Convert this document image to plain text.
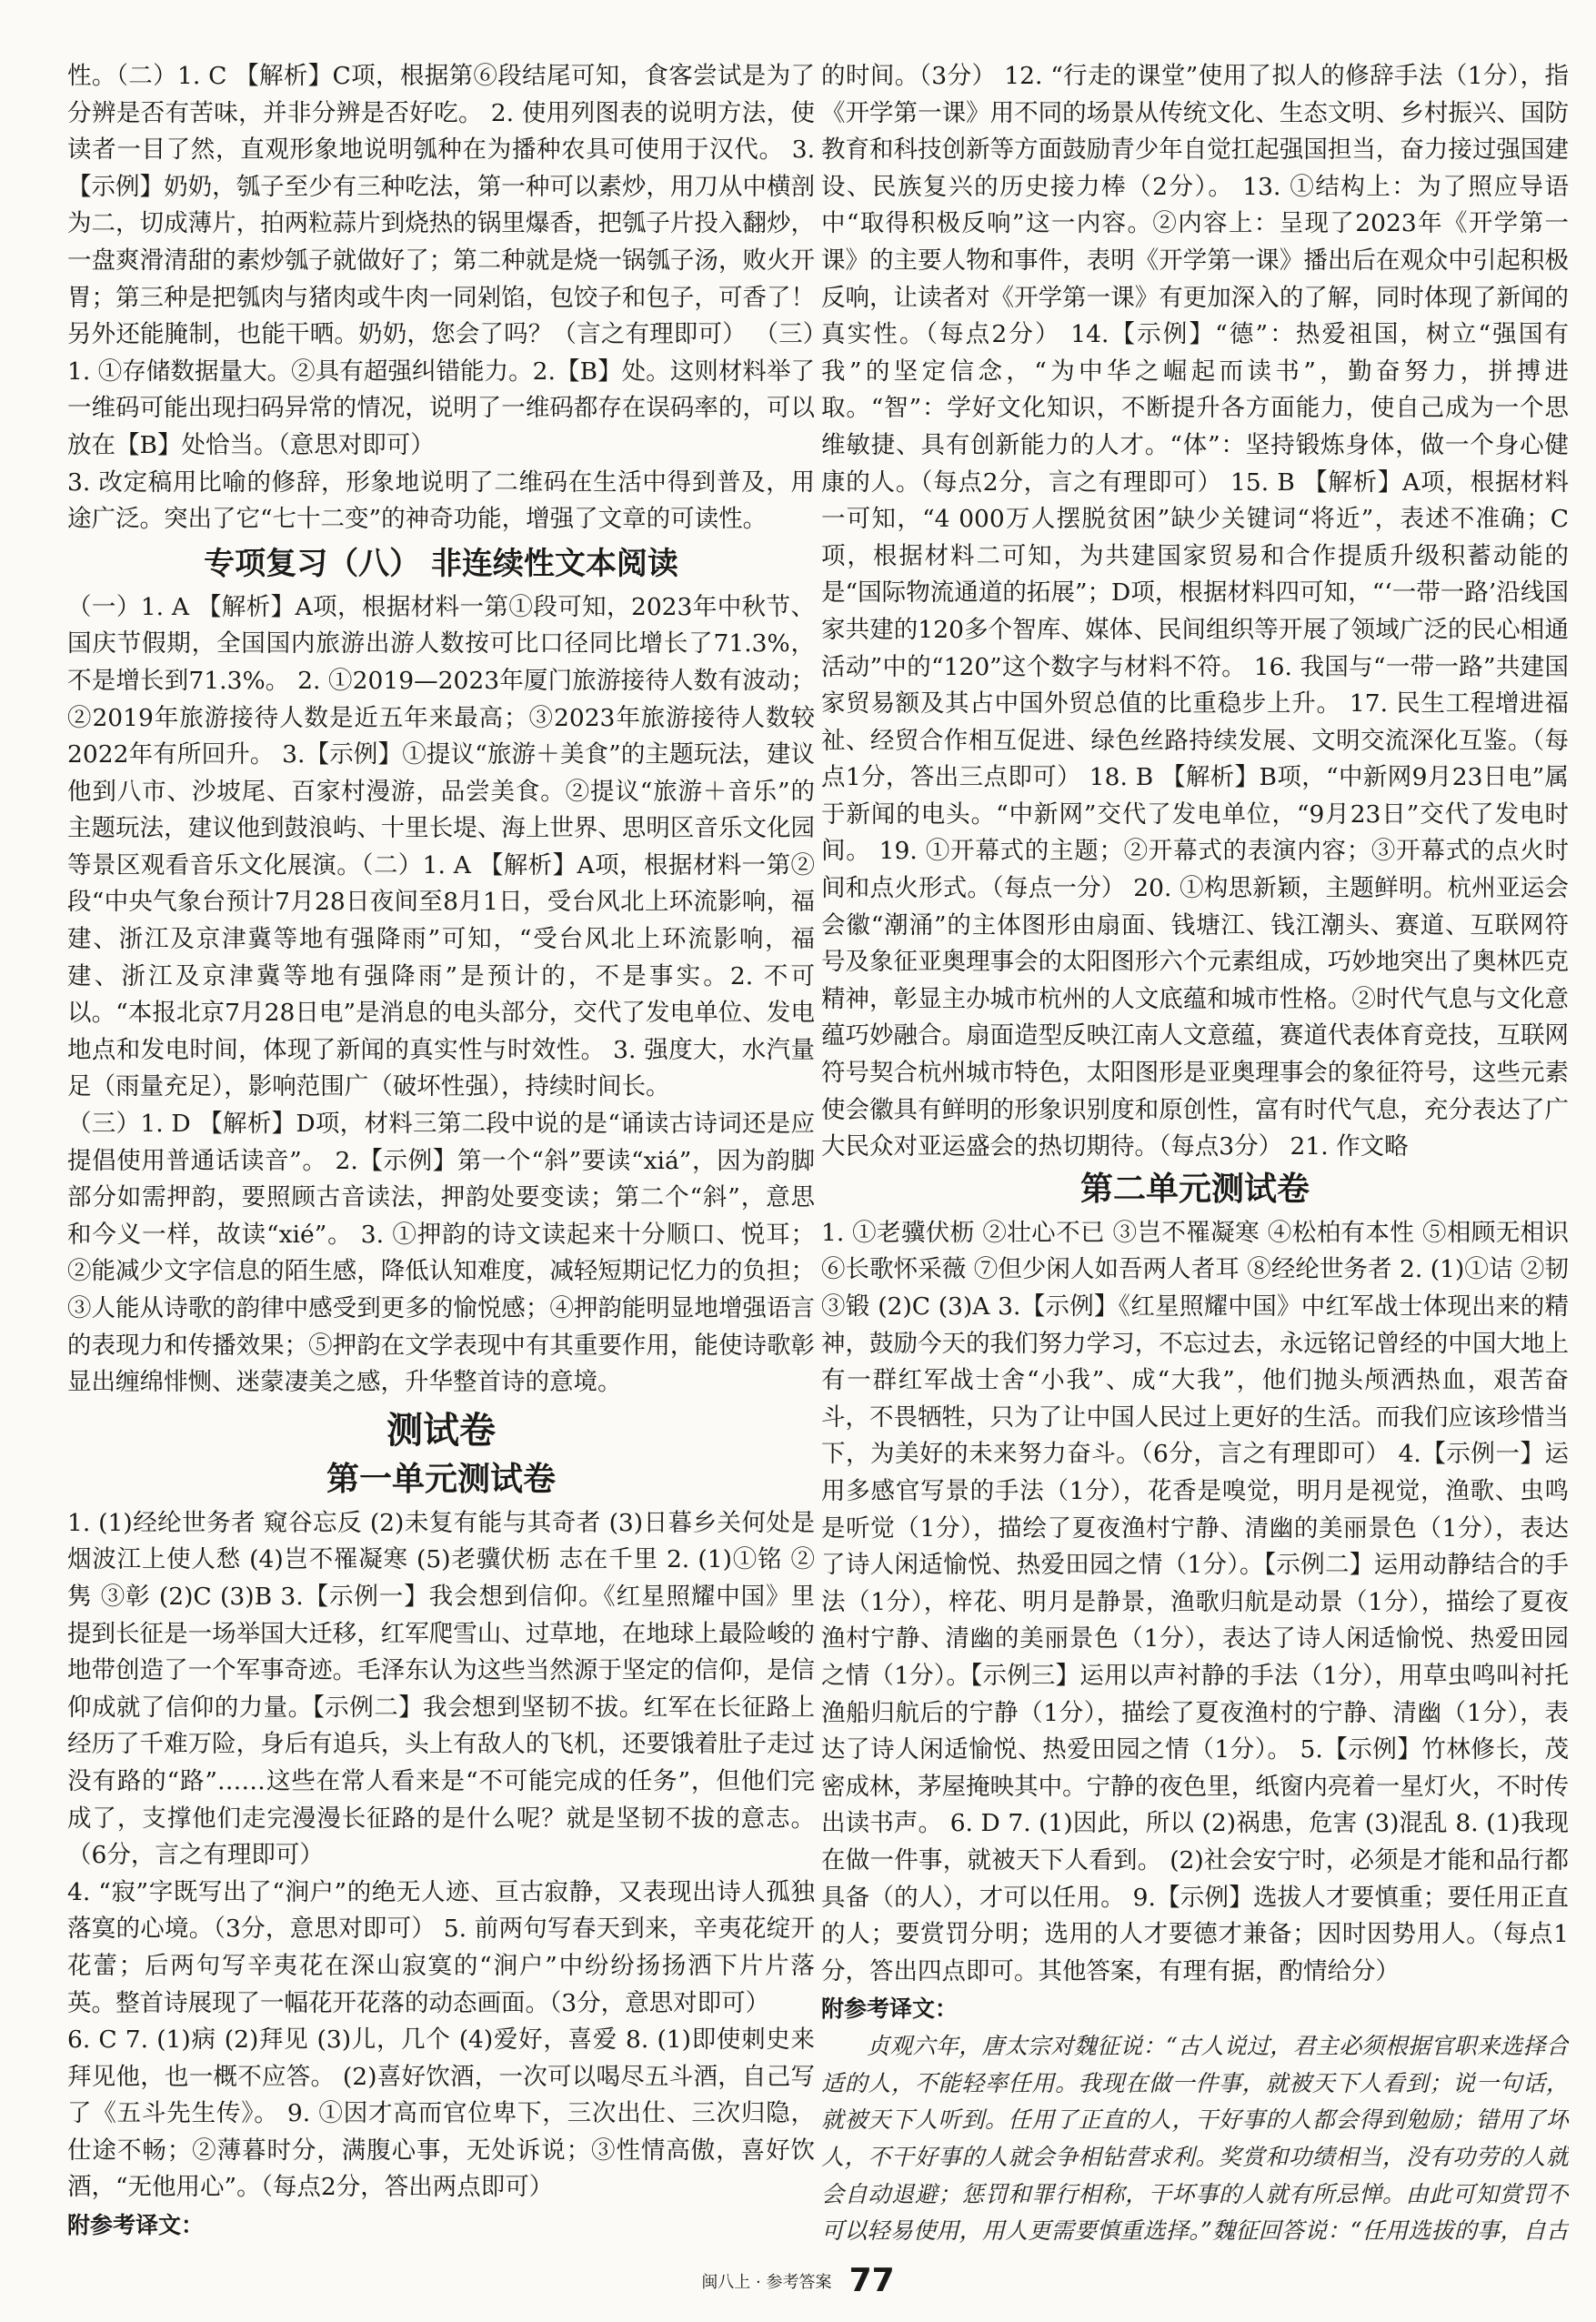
性。（二）1. C 【解析】C项，根据第⑥段结尾可知，食客尝试是为了分辨是否有苦味，并非分辨是否好吃。 2. 使用列图表的说明方法，使读者一目了然，直观形象地说明瓠种在为播种农具可使用于汉代。 3.【示例】奶奶，瓠子至少有三种吃法，第一种可以素炒，用刀从中横剖为二，切成薄片，拍两粒蒜片到烧热的锅里爆香，把瓠子片投入翻炒，一盘爽滑清甜的素炒瓠子就做好了；第二种就是烧一锅瓠子汤，败火开胃；第三种是把瓠肉与猪肉或牛肉一同剁馅，包饺子和包子，可香了！另外还能腌制，也能干晒。奶奶，您会了吗？（言之有理即可） （三）1. ①存储数据量大。②具有超强纠错能力。2.【B】处。这则材料举了一维码可能出现扫码异常的情况，说明了一维码都存在误码率的，可以放在【B】处恰当。（意思对即可）

3. 改定稿用比喻的修辞，形象地说明了二维码在生活中得到普及，用途广泛。突出了它“七十二变”的神奇功能，增强了文章的可读性。

专项复习（八） 非连续性文本阅读

（一）1. A 【解析】A项，根据材料一第①段可知，2023年中秋节、国庆节假期，全国国内旅游出游人数按可比口径同比增长了71.3%，不是增长到71.3%。 2. ①2019—2023年厦门旅游接待人数有波动；②2019年旅游接待人数是近五年来最高；③2023年旅游接待人数较2022年有所回升。 3.【示例】①提议“旅游＋美食”的主题玩法，建议他到八市、沙坡尾、百家村漫游，品尝美食。②提议“旅游＋音乐”的主题玩法，建议他到鼓浪屿、十里长堤、海上世界、思明区音乐文化园等景区观看音乐文化展演。（二）1. A 【解析】A项，根据材料一第②段“中央气象台预计7月28日夜间至8月1日，受台风北上环流影响，福建、浙江及京津冀等地有强降雨”可知，“受台风北上环流影响，福建、浙江及京津冀等地有强降雨”是预计的，不是事实。2. 不可以。“本报北京7月28日电”是消息的电头部分，交代了发电单位、发电地点和发电时间，体现了新闻的真实性与时效性。 3. 强度大，水汽量足（雨量充足），影响范围广（破坏性强），持续时间长。

（三）1. D 【解析】D项，材料三第二段中说的是“诵读古诗词还是应提倡使用普通话读音”。 2.【示例】第一个“斜”要读“xiá”，因为韵脚部分如需押韵，要照顾古音读法，押韵处要变读；第二个“斜”，意思和今义一样，故读“xié”。 3. ①押韵的诗文读起来十分顺口、悦耳；②能减少文字信息的陌生感，降低认知难度，减轻短期记忆力的负担；③人能从诗歌的韵律中感受到更多的愉悦感；④押韵能明显地增强语言的表现力和传播效果；⑤押韵在文学表现中有其重要作用，能使诗歌彰显出缠绵悱恻、迷蒙凄美之感，升华整首诗的意境。

测试卷
第一单元测试卷

1. (1)经纶世务者 窥谷忘反 (2)未复有能与其奇者 (3)日暮乡关何处是 烟波江上使人愁 (4)岂不罹凝寒 (5)老骥伏枥 志在千里 2. (1)①铭 ②隽 ③彰 (2)C (3)B 3.【示例一】我会想到信仰。《红星照耀中国》里提到长征是一场举国大迁移，红军爬雪山、过草地，在地球上最险峻的地带创造了一个军事奇迹。毛泽东认为这些当然源于坚定的信仰，是信仰成就了信仰的力量。【示例二】我会想到坚韧不拔。红军在长征路上经历了千难万险，身后有追兵，头上有敌人的飞机，还要饿着肚子走过没有路的“路”……这些在常人看来是“不可能完成的任务”，但他们完成了，支撑他们走完漫漫长征路的是什么呢？就是坚韧不拔的意志。（6分，言之有理即可）

4. “寂”字既写出了“涧户”的绝无人迹、亘古寂静，又表现出诗人孤独落寞的心境。（3分，意思对即可） 5. 前两句写春天到来，辛夷花绽开花蕾；后两句写辛夷花在深山寂寞的“涧户”中纷纷扬扬洒下片片落英。整首诗展现了一幅花开花落的动态画面。（3分，意思对即可）

6. C 7. (1)病 (2)拜见 (3)儿，几个 (4)爱好，喜爱 8. (1)即使刺史来拜见他，也一概不应答。 (2)喜好饮酒，一次可以喝尽五斗酒，自己写了《五斗先生传》。 9. ①因才高而官位卑下，三次出仕、三次归隐，仕途不畅；②薄暮时分，满腹心事，无处诉说；③性情高傲，喜好饮酒，“无他用心”。（每点2分，答出两点即可）

附参考译文：

的时间。（3分） 12. “行走的课堂”使用了拟人的修辞手法（1分），指《开学第一课》用不同的场景从传统文化、生态文明、乡村振兴、国防教育和科技创新等方面鼓励青少年自觉扛起强国担当，奋力接过强国建设、民族复兴的历史接力棒（2分）。 13. ①结构上：为了照应导语中“取得积极反响”这一内容。②内容上：呈现了2023年《开学第一课》的主要人物和事件，表明《开学第一课》播出后在观众中引起积极反响，让读者对《开学第一课》有更加深入的了解，同时体现了新闻的真实性。（每点2分） 14.【示例】“德”：热爱祖国，树立“强国有我”的坚定信念，“为中华之崛起而读书”，勤奋努力，拼搏进取。“智”：学好文化知识，不断提升各方面能力，使自己成为一个思维敏捷、具有创新能力的人才。“体”：坚持锻炼身体，做一个身心健康的人。（每点2分，言之有理即可） 15. B 【解析】A项，根据材料一可知，“4 000万人摆脱贫困”缺少关键词“将近”，表述不准确；C项，根据材料二可知，为共建国家贸易和合作提质升级积蓄动能的是“国际物流通道的拓展”；D项，根据材料四可知，“‘一带一路’沿线国家共建的120多个智库、媒体、民间组织等开展了领域广泛的民心相通活动”中的“120”这个数字与材料不符。 16. 我国与“一带一路”共建国家贸易额及其占中国外贸总值的比重稳步上升。 17. 民生工程增进福祉、经贸合作相互促进、绿色丝路持续发展、文明交流深化互鉴。（每点1分，答出三点即可） 18. B 【解析】B项，“中新网9月23日电”属于新闻的电头。“中新网”交代了发电单位，“9月23日”交代了发电时间。 19. ①开幕式的主题；②开幕式的表演内容；③开幕式的点火时间和点火形式。（每点一分） 20. ①构思新颖，主题鲜明。杭州亚运会会徽“潮涌”的主体图形由扇面、钱塘江、钱江潮头、赛道、互联网符号及象征亚奥理事会的太阳图形六个元素组成，巧妙地突出了奥林匹克精神，彰显主办城市杭州的人文底蕴和城市性格。②时代气息与文化意蕴巧妙融合。扇面造型反映江南人文意蕴，赛道代表体育竞技，互联网符号契合杭州城市特色，太阳图形是亚奥理事会的象征符号，这些元素使会徽具有鲜明的形象识别度和原创性，富有时代气息，充分表达了广大民众对亚运盛会的热切期待。（每点3分） 21. 作文略

第二单元测试卷

1. ①老骥伏枥 ②壮心不已 ③岂不罹凝寒 ④松柏有本性 ⑤相顾无相识 ⑥长歌怀采薇 ⑦但少闲人如吾两人者耳 ⑧经纶世务者 2. (1)①诘 ②韧 ③锻 (2)C (3)A 3.【示例】《红星照耀中国》中红军战士体现出来的精神，鼓励今天的我们努力学习，不忘过去，永远铭记曾经的中国大地上有一群红军战士舍“小我”、成“大我”，他们抛头颅洒热血，艰苦奋斗，不畏牺牲，只为了让中国人民过上更好的生活。而我们应该珍惜当下，为美好的未来努力奋斗。（6分，言之有理即可） 4.【示例一】运用多感官写景的手法（1分），花香是嗅觉，明月是视觉，渔歌、虫鸣是听觉（1分），描绘了夏夜渔村宁静、清幽的美丽景色（1分），表达了诗人闲适愉悦、热爱田园之情（1分）。【示例二】运用动静结合的手法（1分），梓花、明月是静景，渔歌归航是动景（1分），描绘了夏夜渔村宁静、清幽的美丽景色（1分），表达了诗人闲适愉悦、热爱田园之情（1分）。【示例三】运用以声衬静的手法（1分），用草虫鸣叫衬托渔船归航后的宁静（1分），描绘了夏夜渔村的宁静、清幽（1分），表达了诗人闲适愉悦、热爱田园之情（1分）。 5.【示例】竹林修长，茂密成林，茅屋掩映其中。宁静的夜色里，纸窗内亮着一星灯火，不时传出读书声。 6. D 7. (1)因此，所以 (2)祸患，危害 (3)混乱 8. (1)我现在做一件事，就被天下人看到。 (2)社会安宁时，必须是才能和品行都具备（的人），才可以任用。 9.【示例】选拔人才要慎重；要任用正直的人；要赏罚分明；选用的人才要德才兼备；因时因势用人。（每点1分，答出四点即可。其他答案，有理有据，酌情给分）

附参考译文：

贞观六年，唐太宗对魏征说：“古人说过，君主必须根据官职来选择合适的人，不能轻率任用。我现在做一件事，就被天下人看到；说一句话，就被天下人听到。任用了正直的人，干好事的人都会得到勉励；错用了坏人，不干好事的人就会争相钻营求利。奖赏和功绩相当，没有功劳的人就会自动退避；惩罚和罪行相称，干坏事的人就有所忌惮。由此可知赏罚不可以轻易使用，用人更需要慎重选择。”魏征回答说：“任用选拔的事，自古

闽八上 · 参考答案 77
